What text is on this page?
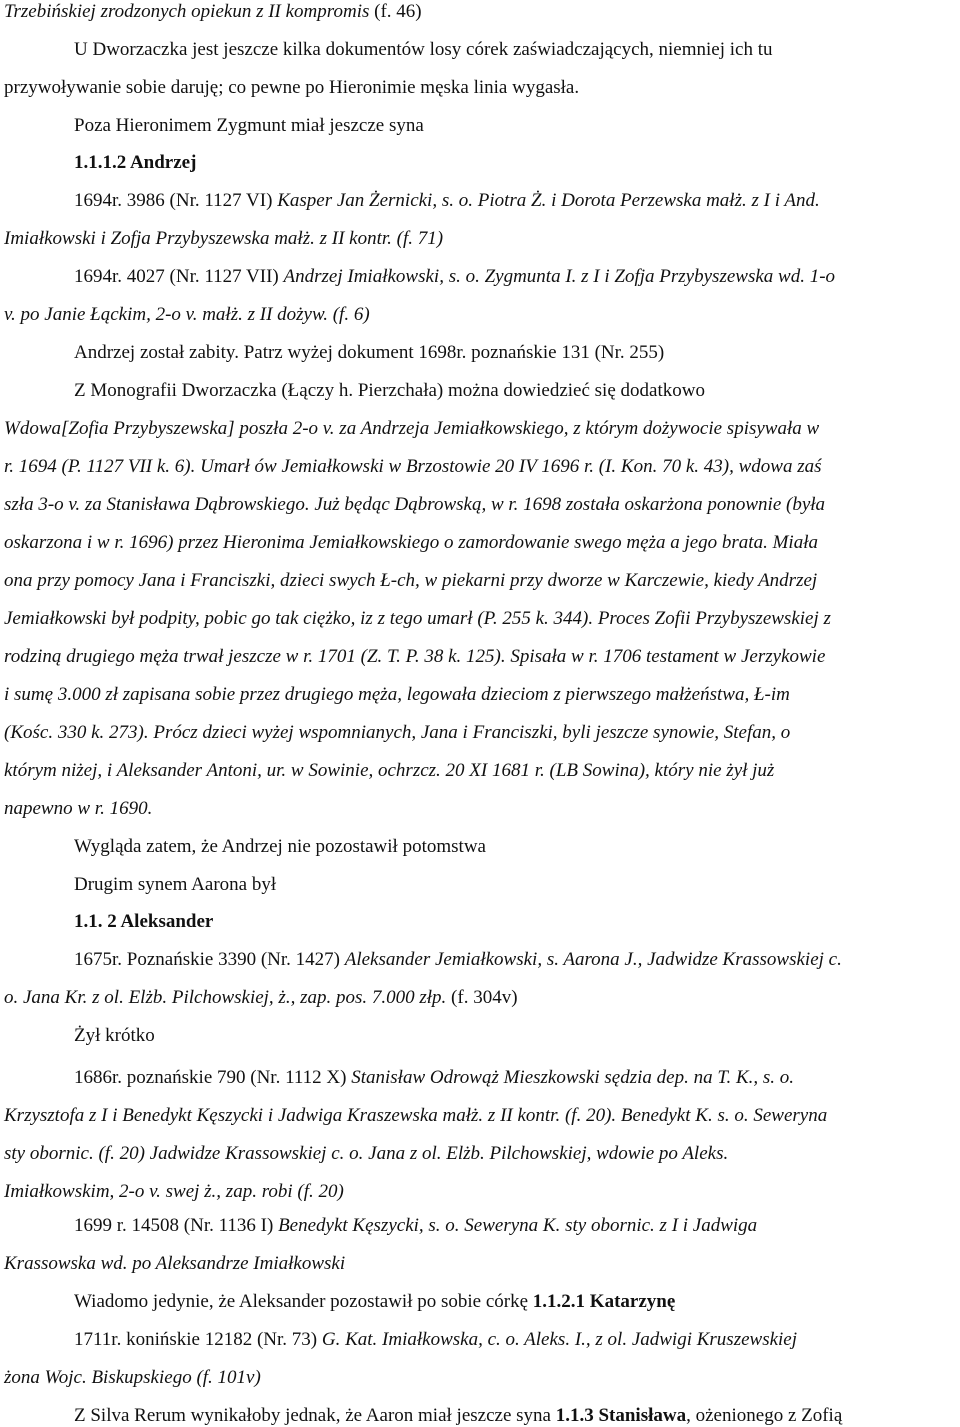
Trzebińskiej zrodzonych opiekun z II kompromis (f. 46)
U Dworzaczka jest jeszcze kilka dokumentów losy córek zaświadczających, niemniej ich tu
przywoływanie sobie daruję; co pewne po Hieronimie męska linia wygasła.
Poza Hieronimem Zygmunt miał jeszcze syna
1.1.1.2 Andrzej
1694r. 3986 (Nr. 1127 VI) Kasper Jan Żernicki, s. o. Piotra Ż. i Dorota Perzewska małż. z I i And.
Imiałkowski i Zofja Przybyszewska małż. z II kontr. (f. 71)
1694r. 4027 (Nr. 1127 VII) Andrzej Imiałkowski, s. o. Zygmunta I. z I i Zofja Przybyszewska wd. 1-o
v. po Janie Łąckim, 2-o v. małż. z II dożyw. (f. 6)
Andrzej został zabity. Patrz wyżej dokument 1698r. poznańskie 131 (Nr. 255)
Z Monografii Dworzaczka (Łączy h. Pierzchała) można dowiedzieć się dodatkowo
Wdowa[Zofia Przybyszewska] poszła 2-o v. za Andrzeja Jemiałkowskiego, z którym dożywocie spisywała w
r. 1694 (P. 1127 VII k. 6). Umarł ów Jemiałkowski w Brzostowie 20 IV 1696 r. (I. Kon. 70 k. 43), wdowa zaś
szła 3-o v. za Stanisława Dąbrowskiego. Już będąc Dąbrowską, w r. 1698 została oskarżona ponownie (była
oskarzona i w r. 1696) przez Hieronima Jemiałkowskiego o zamordowanie swego męża a jego brata. Miała
ona przy pomocy Jana i Franciszki, dzieci swych Ł-ch, w piekarni przy dworze w Karczewie, kiedy Andrzej
Jemiałkowski był podpity, pobic go tak ciężko, iz z tego umarł (P. 255 k. 344). Proces Zofii Przybyszewskiej z
rodziną drugiego męża trwał jeszcze w r. 1701 (Z. T. P. 38 k. 125). Spisała w r. 1706 testament w Jerzykowie
i sumę 3.000 zł zapisana sobie przez drugiego męża, legowała dzieciom z pierwszego małżeństwa, Ł-im
(Kośc. 330 k. 273). Prócz dzieci wyżej wspomnianych, Jana i Franciszki, byli jeszcze synowie, Stefan, o
którym niżej, i Aleksander Antoni, ur. w Sowinie, ochrzcz. 20 XI 1681 r. (LB Sowina), który nie żył już
napewno w r. 1690.
Wygląda zatem, że Andrzej nie pozostawił potomstwa
Drugim synem Aarona był
1.1. 2 Aleksander
1675r. Poznańskie 3390 (Nr. 1427) Aleksander Jemiałkowski, s. Aarona J., Jadwidze Krassowskiej c.
o. Jana Kr. z ol. Elżb. Pilchowskiej, ż., zap. pos. 7.000 złp. (f. 304v)
Żył krótko
1686r. poznańskie 790 (Nr. 1112 X) Stanisław Odrowąż Mieszkowski sędzia dep. na T. K., s. o.
Krzysztofa z I i Benedykt Kęszycki i Jadwiga Kraszewska małż. z II kontr. (f. 20). Benedykt K. s. o. Seweryna
sty obornic. (f. 20) Jadwidze Krassowskiej c. o. Jana z ol. Elżb. Pilchowskiej, wdowie po Aleks.
Imiałkowskim, 2-o v. swej ż., zap. robi (f. 20)
1699 r. 14508 (Nr. 1136 I) Benedykt Kęszycki, s. o. Seweryna K. sty obornic. z I i Jadwiga
Krassowska wd. po Aleksandrze Imiałkowski
Wiadomo jedynie, że Aleksander pozostawił po sobie córkę 1.1.2.1 Katarzynę
1711r. konińskie 12182 (Nr. 73) G. Kat. Imiałkowska, c. o. Aleks. I., z ol. Jadwigi Kruszewskiej
żona Wojc. Biskupskiego (f. 101v)
Z Silva Rerum wynikałoby jednak, że Aaron miał jeszcze syna 1.1.3 Stanisława, ożenionego z Zofią
